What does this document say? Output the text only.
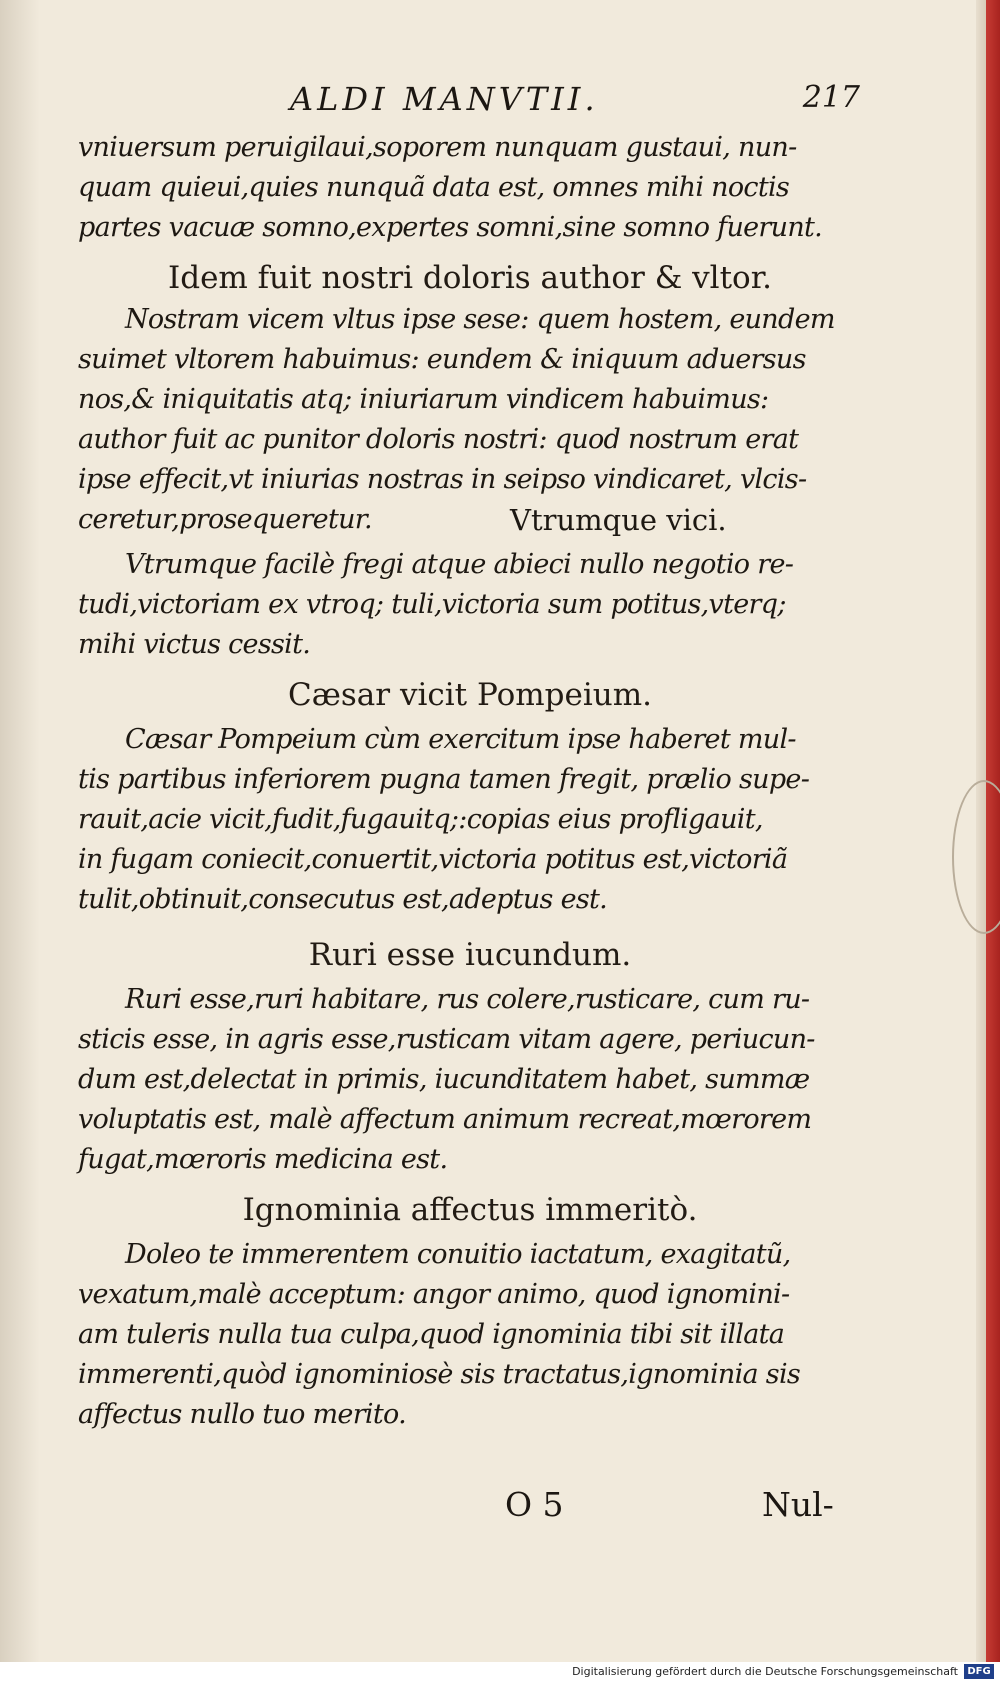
ALDI MANVTII.	217
vniuersum peruigilaui,soporem nunquam gustaui, nun-
quam quieui,quies nunquã data est, omnes mihi noctis
partes vacuæ somno,expertes somni,sine somno fuerunt.
Idem fuit nostri doloris author & vltor.
Nostram vicem vltus ipse sese: quem hostem, eundem
suimet vltorem habuimus: eundem & iniquum aduersus
nos,& iniquitatis atq; iniuriarum vindicem habuimus:
author fuit ac punitor doloris nostri: quod nostrum erat
ipse effecit,vt iniurias nostras in seipso vindicaret, vlcis-
ceretur,prosequeretur.	Vtrumque vici.
Vtrumque facilè fregi atque abieci nullo negotio re-
tudi,victoriam ex vtroq; tuli,victoria sum potitus,vterq;
mihi victus cessit.
Cæsar vicit Pompeium.
Cæsar Pompeium cùm exercitum ipse haberet mul-
tis partibus inferiorem pugna tamen fregit, prælio supe-
rauit,acie vicit,fudit,fugauitq;:copias eius profligauit,
in fugam coniecit,conuertit,victoria potitus est,victoriã
tulit,obtinuit,consecutus est,adeptus est.
Ruri esse iucundum.
Ruri esse,ruri habitare, rus colere,rusticare, cum ru-
sticis esse, in agris esse,rusticam vitam agere, periucun-
dum est,delectat in primis, iucunditatem habet, summæ
voluptatis est, malè affectum animum recreat,mœrorem
fugat,mœroris medicina est.
Ignominia affectus immeritò.
Doleo te immerentem conuitio iactatum, exagitatũ,
vexatum,malè acceptum: angor animo, quod ignomini-
am tuleris nulla tua culpa,quod ignominia tibi sit illata
immerenti,quòd ignominiosè sis tractatus,ignominia sis
affectus nullo tuo merito.
O 5	Nul-
Digitalisierung gefördert durch die Deutsche Forschungsgemeinschaft DFG
